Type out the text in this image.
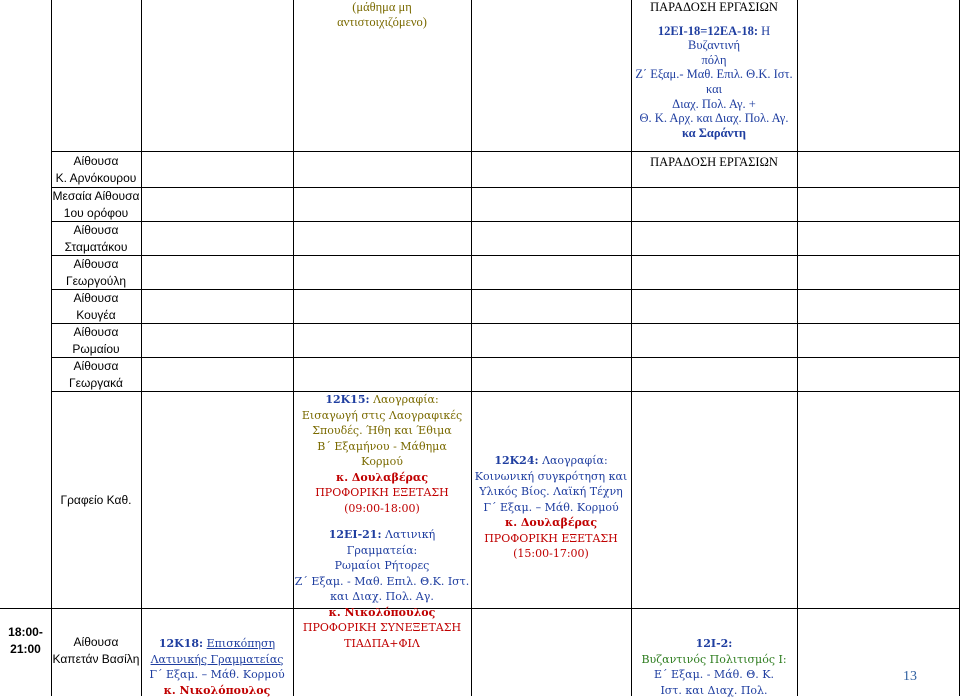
(μάθημα μη
αντιστοιχιζόμενο)
ΠΑΡΑΔΟΣΗ ΕΡΓΑΣΙΩΝ
12ΕΙ-18=12ΕΑ-18: Η Βυζαντινή
πόλη
Ζ΄ Εξαμ.- Μαθ. Επιλ. Θ.Κ. Ιστ. και
Διαχ. Πολ. Αγ. +
Θ. Κ. Αρχ. και Διαχ. Πολ. Αγ.
κα Σαράντη
ΠΑΡΑΔΟΣΗ ΕΡΓΑΣΙΩΝ
Αίθουσα
Κ. Αρνόκουρου
Μεσαία Αίθουσα
1ου ορόφου
Αίθουσα
Σταματάκου
Αίθουσα
Γεωργούλη
Αίθουσα
Κουγέα
Αίθουσα
Ρωμαίου
Αίθουσα
Γεωργακά
Γραφείο Καθ.
12Κ15: Λαογραφία:
Εισαγωγή στις Λαογραφικές
Σπουδές. Ήθη και Έθιμα
Β΄ Εξαμήνου - Μάθημα
Κορμού
κ. Δουλαβέρας
ΠΡΟΦΟΡΙΚΗ ΕΞΕΤΑΣΗ
(09:00-18:00)
12ΕΙ-21: Λατινική Γραμματεία:
Ρωμαίοι Ρήτορες
Ζ΄ Εξαμ. - Μαθ. Επιλ. Θ.Κ. Ιστ.
και Διαχ. Πολ. Αγ.
κ. Νικολόπουλος
ΠΡΟΦΟΡΙΚΗ ΣΥΝΕΞΕΤΑΣΗ
ΤΙΑΔΠΑ+ΦΙΛ
12Κ24: Λαογραφία:
Κοινωνική συγκρότηση και
Υλικός Βίος. Λαϊκή Τέχνη
Γ΄ Εξαμ. – Μάθ. Κορμού
κ. Δουλαβέρας
ΠΡΟΦΟΡΙΚΗ ΕΞΕΤΑΣΗ
(15:00-17:00)
18:00-
21:00	Αίθουσα
Καπετάν Βασίλη
12Κ18: Επισκόπηση
Λατινικής Γραμματείας
Γ΄ Εξαμ. – Μάθ. Κορμού
κ. Νικολόπουλος
12Ι-2:
Βυζαντινός Πολιτισμός Ι:
Ε΄ Εξαμ. - Μάθ. Θ. Κ.
Ιστ. και Διαχ. Πολ.
13
